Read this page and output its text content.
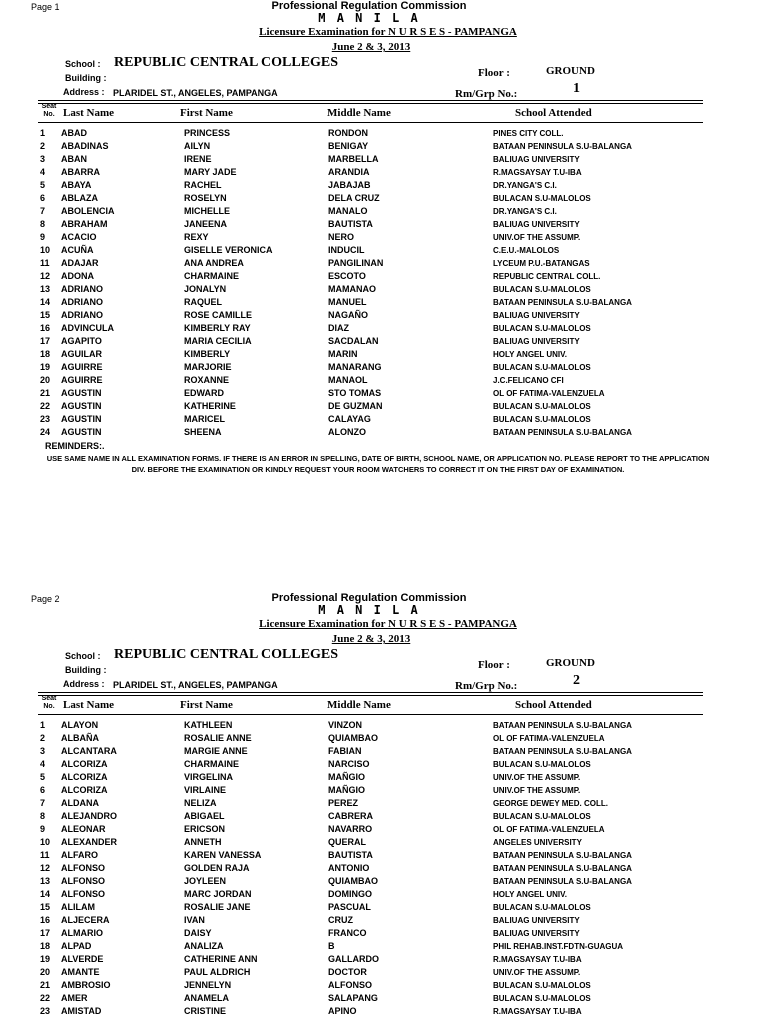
Page 1	Professional Regulation Commission
M A N I L A
Licensure Examination for N U R S E S - PAMPANGA
June 2 & 3, 2013
School : REPUBLIC CENTRAL COLLEGES
Building :
Address : PLARIDEL ST., ANGELES, PAMPANGA
Floor :	GROUND
Rm/Grp No.:	1
Seat No. Last Name	First Name	Middle Name	School Attended
1 ABAD	PRINCESS	RONDON	PINES CITY COLL.
2 ABADINAS	AILYN	BENIGAY	BATAAN PENINSULA S.U-BALANGA
3 ABAN	IRENE	MARBELLA	BALIUAG UNIVERSITY
4 ABARRA	MARY JADE	ARANDIA	R.MAGSAYSAY T.U-IBA
5 ABAYA	RACHEL	JABAJAB	DR.YANGA'S C.I.
6 ABLAZA	ROSELYN	DELA CRUZ	BULACAN S.U-MALOLOS
7 ABOLENCIA	MICHELLE	MANALO	DR.YANGA'S C.I.
8 ABRAHAM	JANEENA	BAUTISTA	BALIUAG UNIVERSITY
9 ACACIO	REXY	NERO	UNIV.OF THE ASSUMP.
10 ACUÑA	GISELLE VERONICA	INDUCIL	C.E.U.-MALOLOS
11 ADAJAR	ANA ANDREA	PANGILINAN	LYCEUM P.U.-BATANGAS
12 ADONA	CHARMAINE	ESCOTO	REPUBLIC CENTRAL COLL.
13 ADRIANO	JONALYN	MAMANAO	BULACAN S.U-MALOLOS
14 ADRIANO	RAQUEL	MANUEL	BATAAN PENINSULA S.U-BALANGA
15 ADRIANO	ROSE CAMILLE	NAGAÑO	BALIUAG UNIVERSITY
16 ADVINCULA	KIMBERLY RAY	DIAZ	BULACAN S.U-MALOLOS
17 AGAPITO	MARIA CECILIA	SACDALAN	BALIUAG UNIVERSITY
18 AGUILAR	KIMBERLY	MARIN	HOLY ANGEL UNIV.
19 AGUIRRE	MARJORIE	MANARANG	BULACAN S.U-MALOLOS
20 AGUIRRE	ROXANNE	MANAOL	J.C.FELICANO CFI
21 AGUSTIN	EDWARD	STO TOMAS	OL OF FATIMA-VALENZUELA
22 AGUSTIN	KATHERINE	DE GUZMAN	BULACAN S.U-MALOLOS
23 AGUSTIN	MARICEL	CALAYAG	BULACAN S.U-MALOLOS
24 AGUSTIN	SHEENA	ALONZO	BATAAN PENINSULA S.U-BALANGA
REMINDERS:.
USE SAME NAME IN ALL EXAMINATION FORMS. IF THERE IS AN ERROR IN SPELLING, DATE OF BIRTH, SCHOOL NAME, OR APPLICATION NO. PLEASE REPORT TO THE APPLICATION DIV. BEFORE THE EXAMINATION OR KINDLY REQUEST YOUR ROOM WATCHERS TO CORRECT IT ON THE FIRST DAY OF EXAMINATION.
Page 2	Professional Regulation Commission
M A N I L A
Licensure Examination for N U R S E S - PAMPANGA
June 2 & 3, 2013
School : REPUBLIC CENTRAL COLLEGES
Building :
Address : PLARIDEL ST., ANGELES, PAMPANGA
Floor :	GROUND
Rm/Grp No.:	2
Seat No. Last Name	First Name	Middle Name	School Attended
1 ALAYON	KATHLEEN	VINZON	BATAAN PENINSULA S.U-BALANGA
2 ALBAÑA	ROSALIE ANNE	QUIAMBAO	OL OF FATIMA-VALENZUELA
3 ALCANTARA	MARGIE ANNE	FABIAN	BATAAN PENINSULA S.U-BALANGA
4 ALCORIZA	CHARMAINE	NARCISO	BULACAN S.U-MALOLOS
5 ALCORIZA	VIRGELINA	MAÑGIO	UNIV.OF THE ASSUMP.
6 ALCORIZA	VIRLAINE	MAÑGIO	UNIV.OF THE ASSUMP.
7 ALDANA	NELIZA	PEREZ	GEORGE DEWEY MED. COLL.
8 ALEJANDRO	ABIGAEL	CABRERA	BULACAN S.U-MALOLOS
9 ALEONAR	ERICSON	NAVARRO	OL OF FATIMA-VALENZUELA
10 ALEXANDER	ANNETH	QUERAL	ANGELES UNIVERSITY
11 ALFARO	KAREN VANESSA	BAUTISTA	BATAAN PENINSULA S.U-BALANGA
12 ALFONSO	GOLDEN RAJA	ANTONIO	BATAAN PENINSULA S.U-BALANGA
13 ALFONSO	JOYLEEN	QUIAMBAO	BATAAN PENINSULA S.U-BALANGA
14 ALFONSO	MARC JORDAN	DOMINGO	HOLY ANGEL UNIV.
15 ALILAM	ROSALIE JANE	PASCUAL	BULACAN S.U-MALOLOS
16 ALJECERA	IVAN	CRUZ	BALIUAG UNIVERSITY
17 ALMARIO	DAISY	FRANCO	BALIUAG UNIVERSITY
18 ALPAD	ANALIZA	B	PHIL REHAB.INST.FDTN-GUAGUA
19 ALVERDE	CATHERINE ANN	GALLARDO	R.MAGSAYSAY T.U-IBA
20 AMANTE	PAUL ALDRICH	DOCTOR	UNIV.OF THE ASSUMP.
21 AMBROSIO	JENNELYN	ALFONSO	BULACAN S.U-MALOLOS
22 AMER	ANAMELA	SALAPANG	BULACAN S.U-MALOLOS
23 AMISTAD	CRISTINE	APINO	R.MAGSAYSAY T.U-IBA
